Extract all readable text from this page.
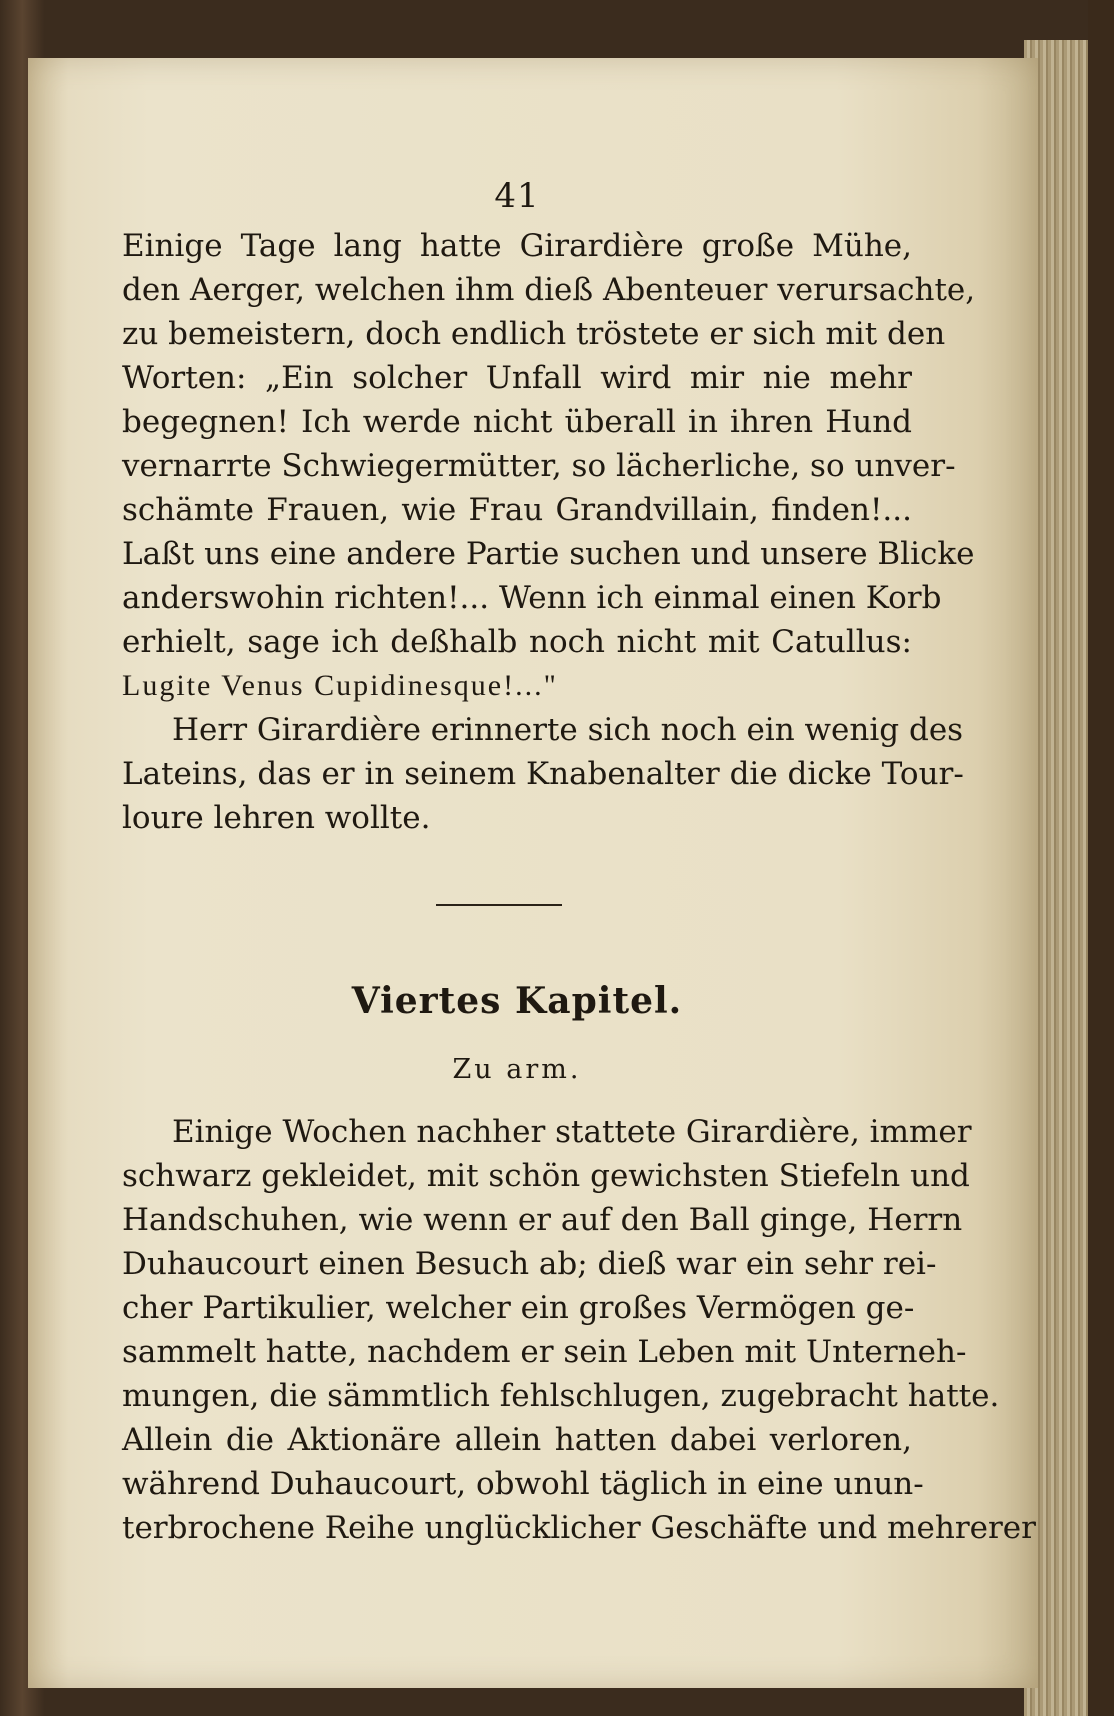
41
Einige Tage lang hatte Girardière große Mühe,
den Aerger, welchen ihm dieß Abenteuer verursachte,
zu bemeistern, doch endlich tröstete er sich mit den
Worten: „Ein solcher Unfall wird mir nie mehr
begegnen! Ich werde nicht überall in ihren Hund
vernarrte Schwiegermütter, so lächerliche, so unver-
schämte Frauen, wie Frau Grandvillain, finden!...
Laßt uns eine andere Partie suchen und unsere Blicke
anderswohin richten!... Wenn ich einmal einen Korb
erhielt, sage ich deßhalb noch nicht mit Catullus:
Lugite Venus Cupidinesque!..."
Herr Girardière erinnerte sich noch ein wenig des
Lateins, das er in seinem Knabenalter die dicke Tour-
loure lehren wollte.
Viertes Kapitel.
Zu arm.
Einige Wochen nachher stattete Girardière, immer
schwarz gekleidet, mit schön gewichsten Stiefeln und
Handschuhen, wie wenn er auf den Ball ginge, Herrn
Duhaucourt einen Besuch ab; dieß war ein sehr rei-
cher Partikulier, welcher ein großes Vermögen ge-
sammelt hatte, nachdem er sein Leben mit Unterneh-
mungen, die sämmtlich fehlschlugen, zugebracht hatte.
Allein die Aktionäre allein hatten dabei verloren,
während Duhaucourt, obwohl täglich in eine unun-
terbrochene Reihe unglücklicher Geschäfte und mehrerer
